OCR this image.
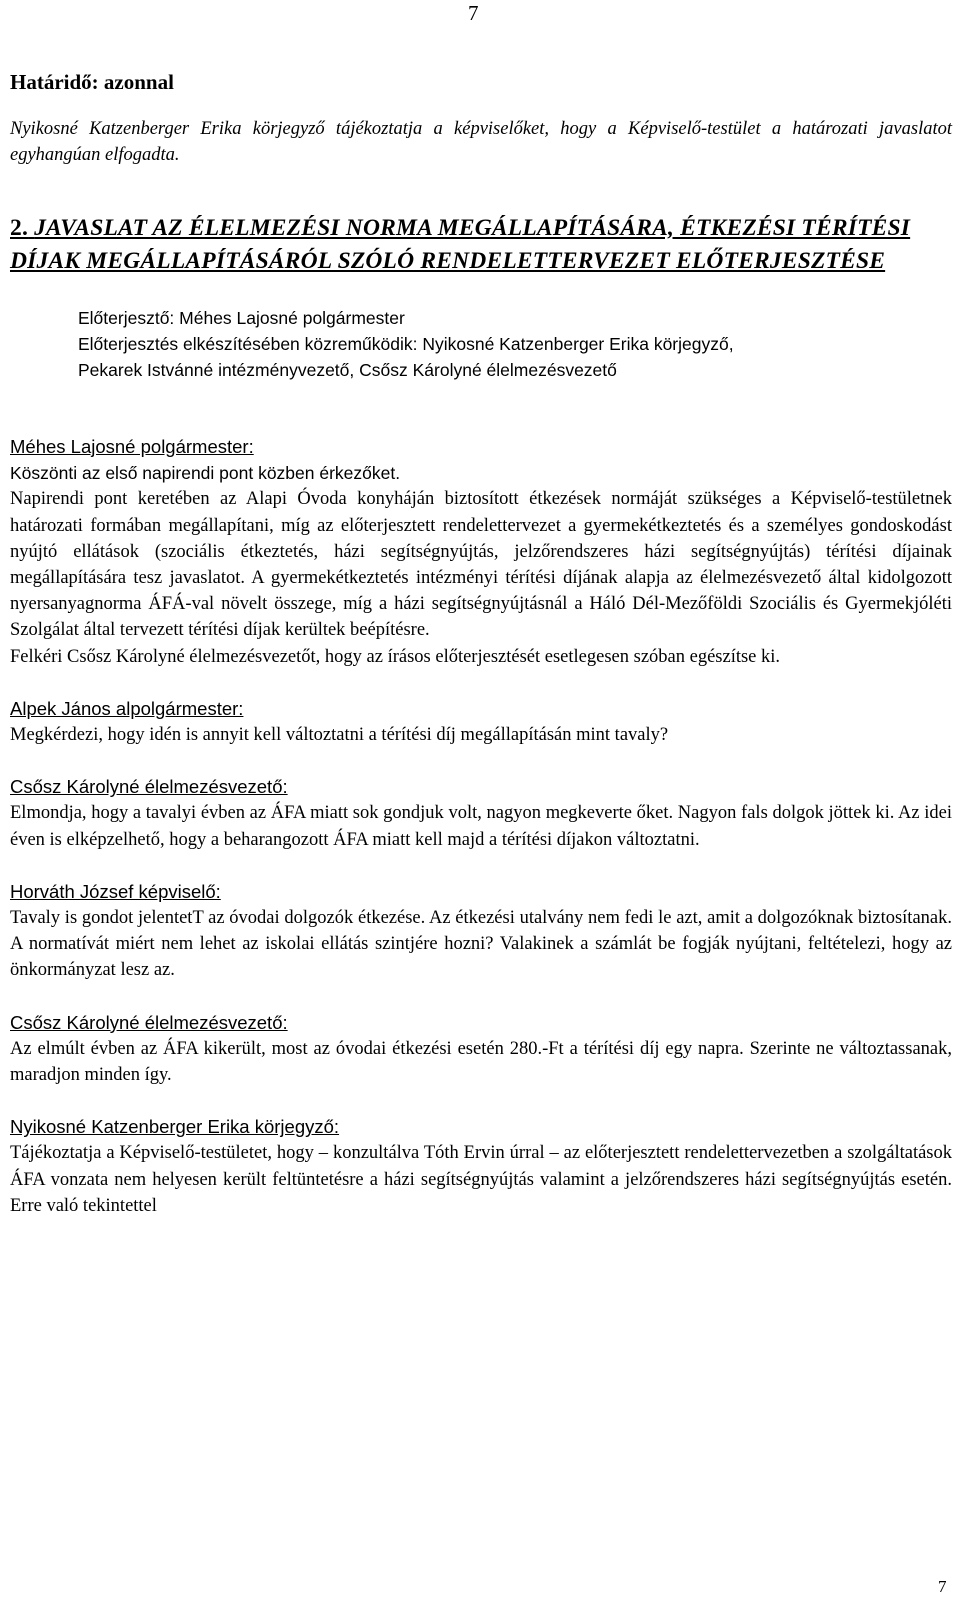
7

Határidő: azonnal

Nyikosné Katzenberger Erika körjegyző tájékoztatja a képviselőket, hogy a Képviselő-testület a határozati javaslatot egyhangúan elfogadta.

2. JAVASLAT AZ ÉLELMEZÉSI NORMA MEGÁLLAPÍTÁSÁRA, ÉTKEZÉSI TÉRÍTÉSI DÍJAK MEGÁLLAPÍTÁSÁRÓL SZÓLÓ RENDELETTERVEZET ELŐTERJESZTÉSE
Előterjesztő: Méhes Lajosné polgármester
Előterjesztés elkészítésében közreműködik: Nyikosné Katzenberger Erika körjegyző,
Pekarek Istvánné intézményvezető, Csősz Károlyné élelmezésvezető

Méhes Lajosné polgármester:

Köszönti az első napirendi pont közben érkezőket.

Napirendi pont keretében az Alapi Óvoda konyháján biztosított étkezések normáját szükséges a Képviselő-testületnek határozati formában megállapítani, míg az előterjesztett rendelettervezet a gyermekétkeztetés és a személyes gondoskodást nyújtó ellátások (szociális étkeztetés, házi segítségnyújtás, jelzőrendszeres házi segítségnyújtás) térítési díjainak megállapítására tesz javaslatot. A gyermekétkeztetés intézményi térítési díjának alapja az élelmezésvezető által kidolgozott nyersanyagnorma ÁFÁ-val növelt összege, míg a házi segítségnyújtásnál a Háló Dél-Mezőföldi Szociális és Gyermekjóléti Szolgálat által tervezett térítési díjak kerültek beépítésre.

Felkéri Csősz Károlyné élelmezésvezetőt, hogy az írásos előterjesztését esetlegesen szóban egészítse ki.

Alpek János alpolgármester:

Megkérdezi, hogy idén is annyit kell változtatni a térítési díj megállapításán mint tavaly?

Csősz Károlyné élelmezésvezető:

Elmondja, hogy a tavalyi évben az ÁFA miatt sok gondjuk volt, nagyon megkeverte őket. Nagyon fals dolgok jöttek ki. Az idei éven is elképzelhető, hogy a beharangozott ÁFA miatt kell majd a térítési díjakon változtatni.

Horváth József képviselő:

Tavaly is gondot jelentetT az óvodai dolgozók étkezése. Az étkezési utalvány nem fedi le azt, amit a dolgozóknak biztosítanak. A normatívát miért nem lehet az iskolai ellátás szintjére hozni? Valakinek a számlát be fogják nyújtani, feltételezi, hogy az önkormányzat lesz az.

Csősz Károlyné élelmezésvezető:

Az elmúlt évben az ÁFA kikerült, most az óvodai étkezési esetén 280.-Ft a térítési díj egy napra. Szerinte ne változtassanak, maradjon minden így.

Nyikosné Katzenberger Erika körjegyző:

Tájékoztatja a Képviselő-testületet, hogy – konzultálva Tóth Ervin úrral – az előterjesztett rendelettervezetben a szolgáltatások ÁFA vonzata nem helyesen került feltüntetésre a házi segítségnyújtás valamint a jelzőrendszeres házi segítségnyújtás esetén. Erre való tekintettel

7
